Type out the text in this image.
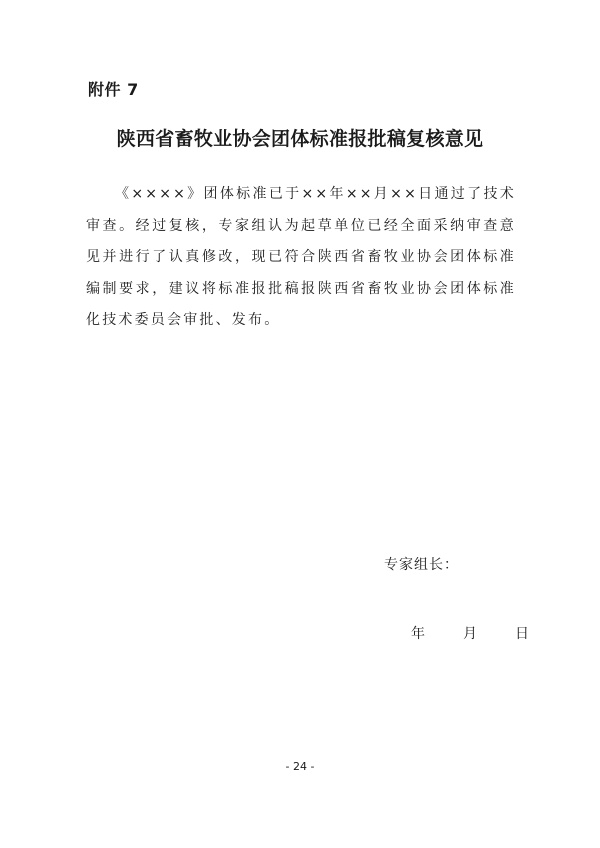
附件 7
陕西省畜牧业协会团体标准报批稿复核意见

《××××》团体标准已于××年××月××日通过了技术审查。经过复核，专家组认为起草单位已经全面采纳审查意见并进行了认真修改，现已符合陕西省畜牧业协会团体标准编制要求，建议将标准报批稿报陕西省畜牧业协会团体标准化技术委员会审批、发布。

专家组长：
年	月	日
- 24 -
